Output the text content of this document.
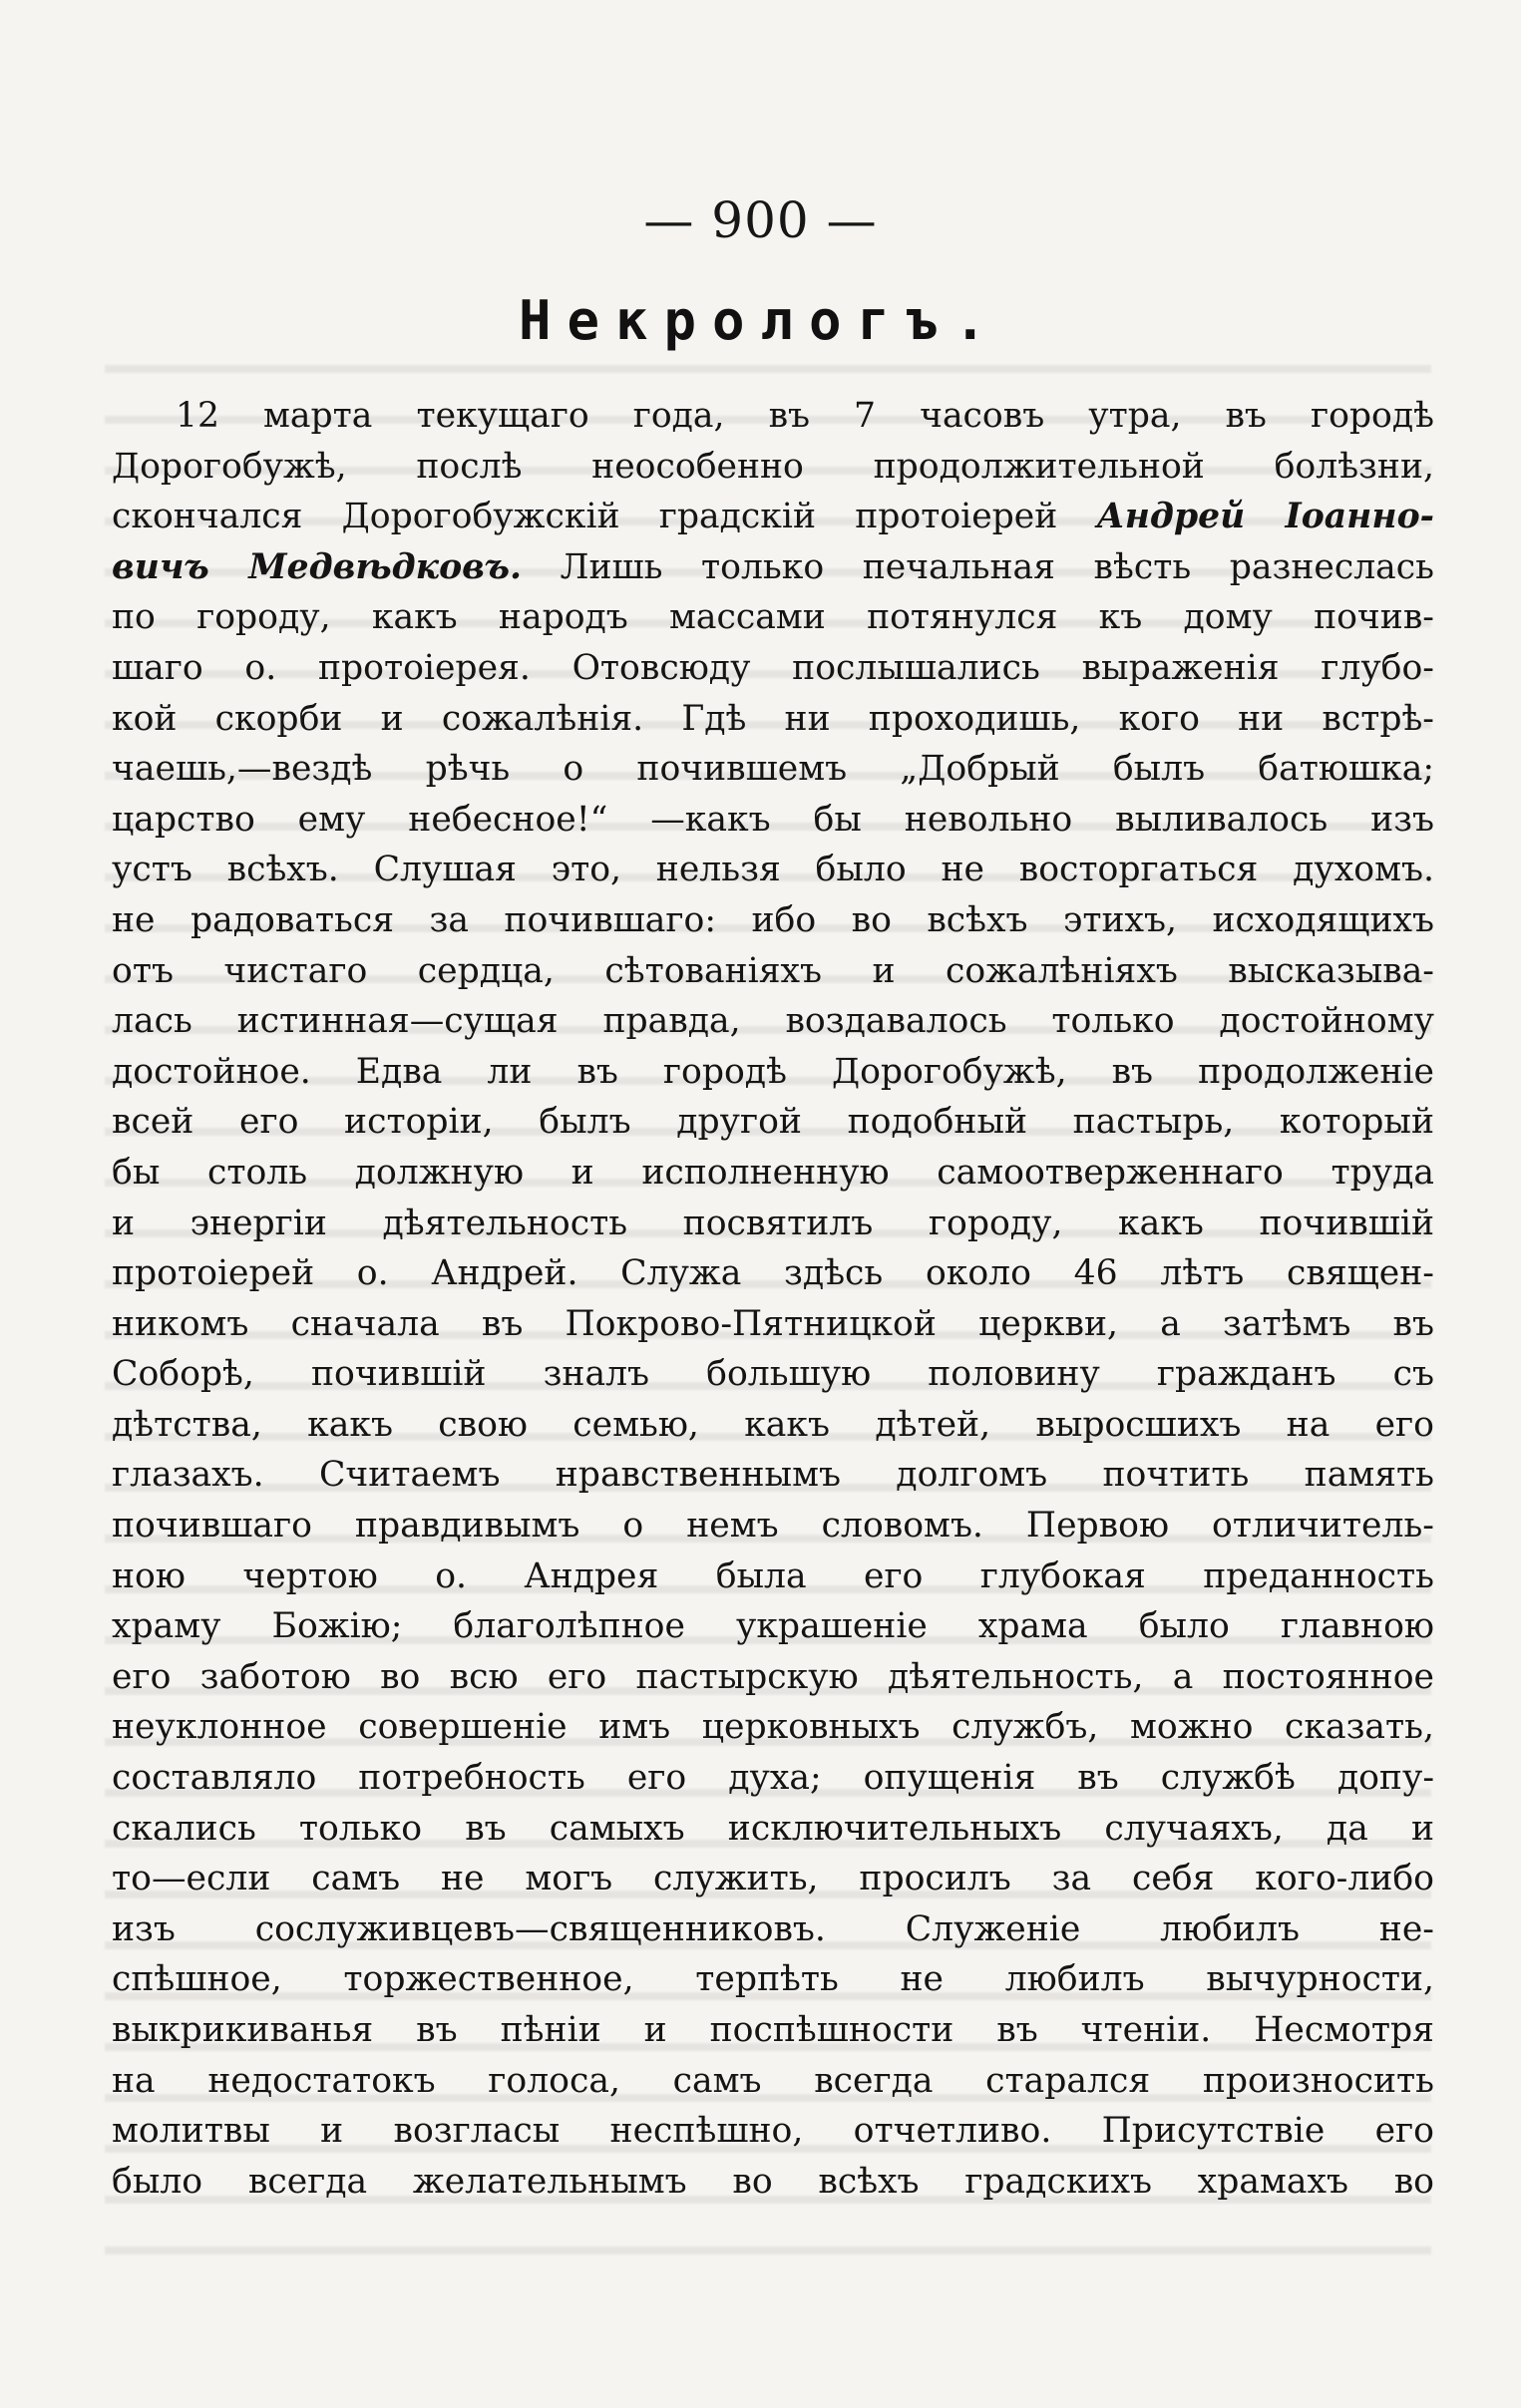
— 900 —
Некрологъ.
12 марта текущаго года, въ 7 часовъ утра, въ городѣ
Дорогобужѣ, послѣ неособенно продолжительной болѣзни,
скончался Дорогобужскій градскій протоіерей Андрей Іоанно-
вичъ Медвѣдковъ. Лишь только печальная вѣсть разнеслась
по городу, какъ народъ массами потянулся къ дому почив-
шаго о. протоіерея. Отовсюду послышались выраженія глубо-
кой скорби и сожалѣнія. Гдѣ ни проходишь, кого ни встрѣ-
чаешь,—вездѣ рѣчь о почившемъ „Добрый былъ батюшка;
царство ему небесное!“ —какъ бы невольно выливалось изъ
устъ всѣхъ. Слушая это, нельзя было не восторгаться духомъ.
не радоваться за почившаго: ибо во всѣхъ этихъ, исходящихъ
отъ чистаго сердца, сѣтованіяхъ и сожалѣніяхъ высказыва-
лась истинная—сущая правда, воздавалось только достойному
достойное. Едва ли въ городѣ Дорогобужѣ, въ продолженіе
всей его исторіи, былъ другой подобный пастырь, который
бы столь должную и исполненную самоотверженнаго труда
и энергіи дѣятельность посвятилъ городу, какъ почившій
протоіерей о. Андрей. Служа здѣсь около 46 лѣтъ священ-
никомъ сначала въ Покрово-Пятницкой церкви, а затѣмъ въ
Соборѣ, почившій зналъ большую половину гражданъ съ
дѣтства, какъ свою семью, какъ дѣтей, выросшихъ на его
глазахъ. Считаемъ нравственнымъ долгомъ почтить память
почившаго правдивымъ о немъ словомъ. Первою отличитель-
ною чертою о. Андрея была его глубокая преданность
храму Божію; благолѣпное украшеніе храма было главною
его заботою во всю его пастырскую дѣятельность, а постоянное
неуклонное совершеніе имъ церковныхъ службъ, можно сказать,
составляло потребность его духа; опущенія въ службѣ допу-
скались только въ самыхъ исключительныхъ случаяхъ, да и
то—если самъ не могъ служить, просилъ за себя кого-либо
изъ сослуживцевъ—священниковъ. Служеніе любилъ не-
спѣшное, торжественное, терпѣть не любилъ вычурности,
выкрикиванья въ пѣніи и поспѣшности въ чтеніи. Несмотря
на недостатокъ голоса, самъ всегда старался произносить
молитвы и возгласы неспѣшно, отчетливо. Присутствіе его
было всегда желательнымъ во всѣхъ градскихъ храмахъ во
